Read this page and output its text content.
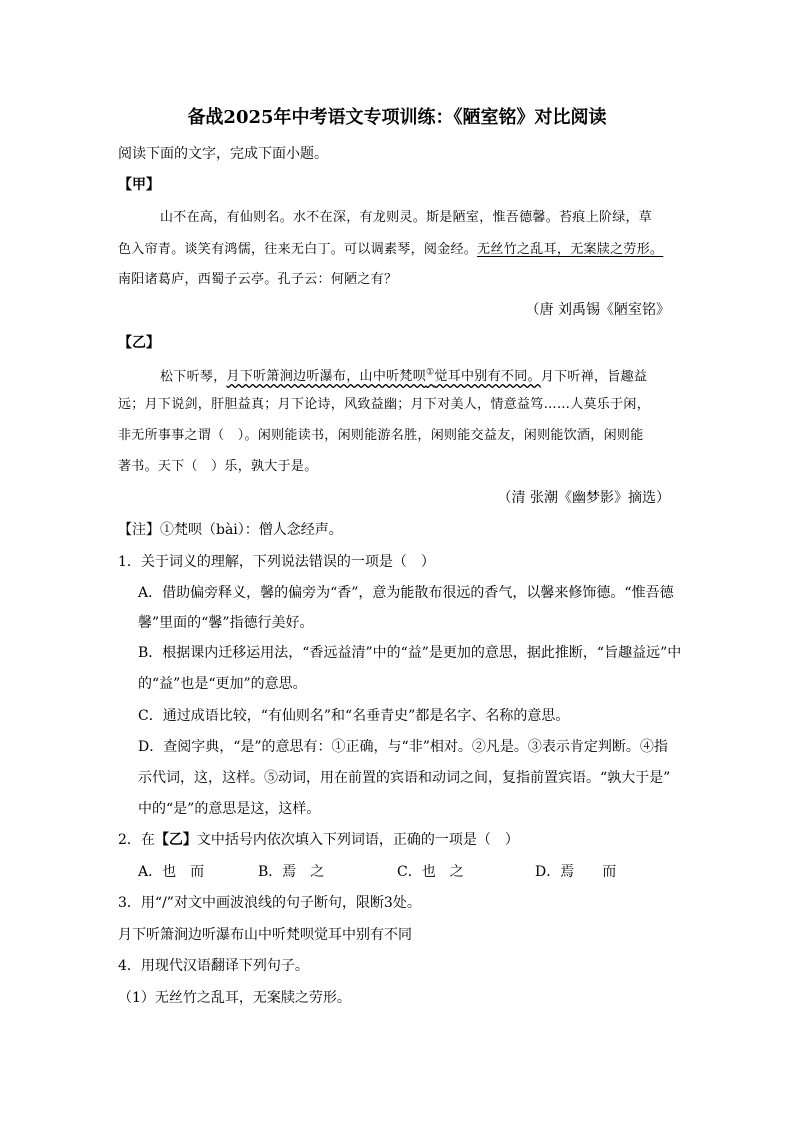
备战2025年中考语文专项训练：《陋室铭》对比阅读
阅读下面的文字，完成下面小题。
【甲】
山不在高，有仙则名。水不在深，有龙则灵。斯是陋室，惟吾德馨。苔痕上阶绿，草
色入帘青。谈笑有鸿儒，往来无白丁。可以调素琴，阅金经。无丝竹之乱耳，无案牍之劳形。
南阳诸葛庐，西蜀子云亭。孔子云：何陋之有？
（唐 刘禹锡《陋室铭》
【乙】
松下听琴，月下听箫涧边听瀑布，山中听梵呗①觉耳中别有不同。月下听禅，旨趣益
远；月下说剑，肝胆益真；月下论诗，风致益幽；月下对美人，情意益笃……人莫乐于闲，
非无所事事之谓（　）。闲则能读书，闲则能游名胜，闲则能交益友，闲则能饮酒，闲则能
著书。天下（　）乐，孰大于是。
（清 张潮《幽梦影》摘选）
【注】①梵呗（bài）：僧人念经声。
1．关于词义的理解，下列说法错误的一项是（　）
A．借助偏旁释义，馨的偏旁为“香”，意为能散布很远的香气，以馨来修饰德。“惟吾德
馨”里面的“馨”指德行美好。
B．根据课内迁移运用法，“香远益清”中的“益”是更加的意思，据此推断，“旨趣益远”中
的“益”也是“更加”的意思。
C．通过成语比较，“有仙则名”和“名垂青史”都是名字、名称的意思。
D．查阅字典，“是”的意思有：①正确，与“非”相对。②凡是。③表示肯定判断。④指
示代词，这，这样。⑤动词，用在前置的宾语和动词之间，复指前置宾语。“孰大于是”
中的“是”的意思是这，这样。
2．在【乙】文中括号内依次填入下列词语，正确的一项是（　）
A．也　而	B．焉　之	C．也　之	D．焉　　而
3．用“/”对文中画波浪线的句子断句，限断3处。
月下听箫涧边听瀑布山中听梵呗觉耳中别有不同
4．用现代汉语翻译下列句子。
（1）无丝竹之乱耳，无案牍之劳形。
